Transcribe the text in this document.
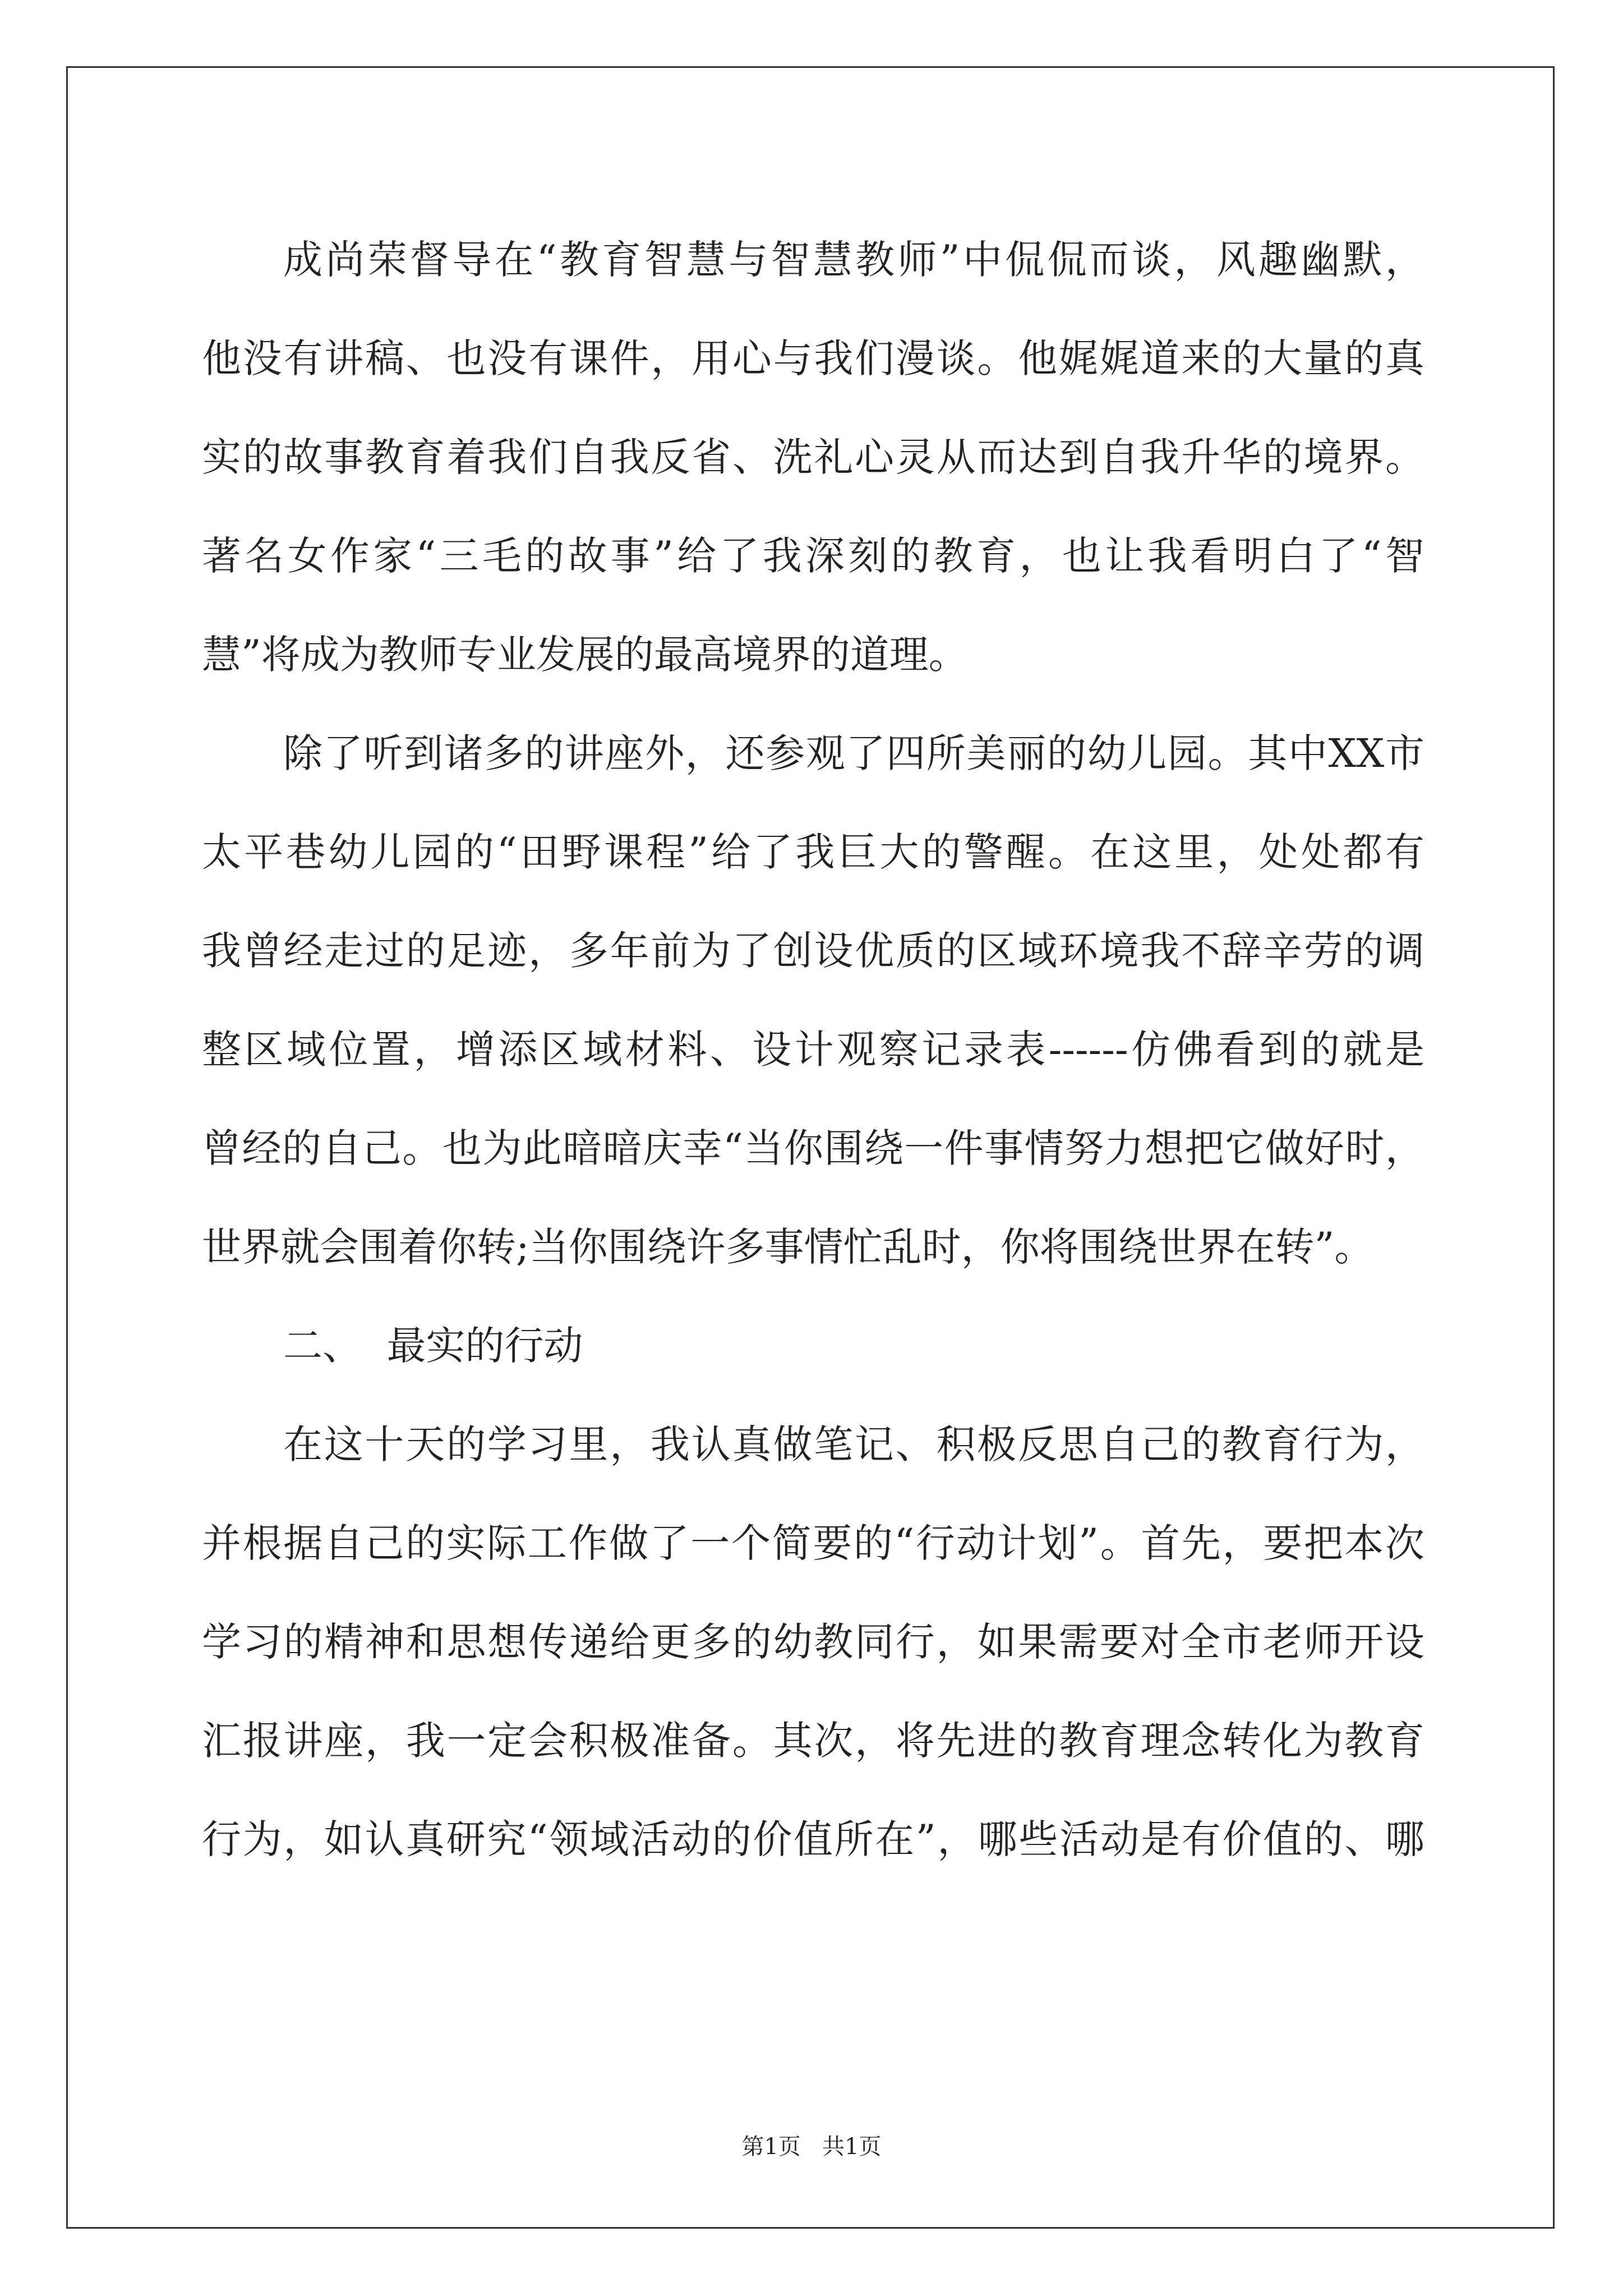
成尚荣督导在“教育智慧与智慧教师”中侃侃而谈，风趣幽默，
他没有讲稿、也没有课件，用心与我们漫谈。他娓娓道来的大量的真
实的故事教育着我们自我反省、洗礼心灵从而达到自我升华的境界。
著名女作家“三毛的故事”给了我深刻的教育，也让我看明白了“智
慧”将成为教师专业发展的最高境界的道理。
除了听到诸多的讲座外，还参观了四所美丽的幼儿园。其中XX市
太平巷幼儿园的“田野课程”给了我巨大的警醒。在这里，处处都有
我曾经走过的足迹，多年前为了创设优质的区域环境我不辞辛劳的调
整区域位置，增添区域材料、设计观察记录表------仿佛看到的就是
曾经的自己。也为此暗暗庆幸“当你围绕一件事情努力想把它做好时，
世界就会围着你转;当你围绕许多事情忙乱时，你将围绕世界在转”。
二、  最实的行动
在这十天的学习里，我认真做笔记、积极反思自己的教育行为，
并根据自己的实际工作做了一个简要的“行动计划”。首先，要把本次
学习的精神和思想传递给更多的幼教同行，如果需要对全市老师开设
汇报讲座，我一定会积极准备。其次，将先进的教育理念转化为教育
行为，如认真研究“领域活动的价值所在”，哪些活动是有价值的、哪
第1页   共1页
